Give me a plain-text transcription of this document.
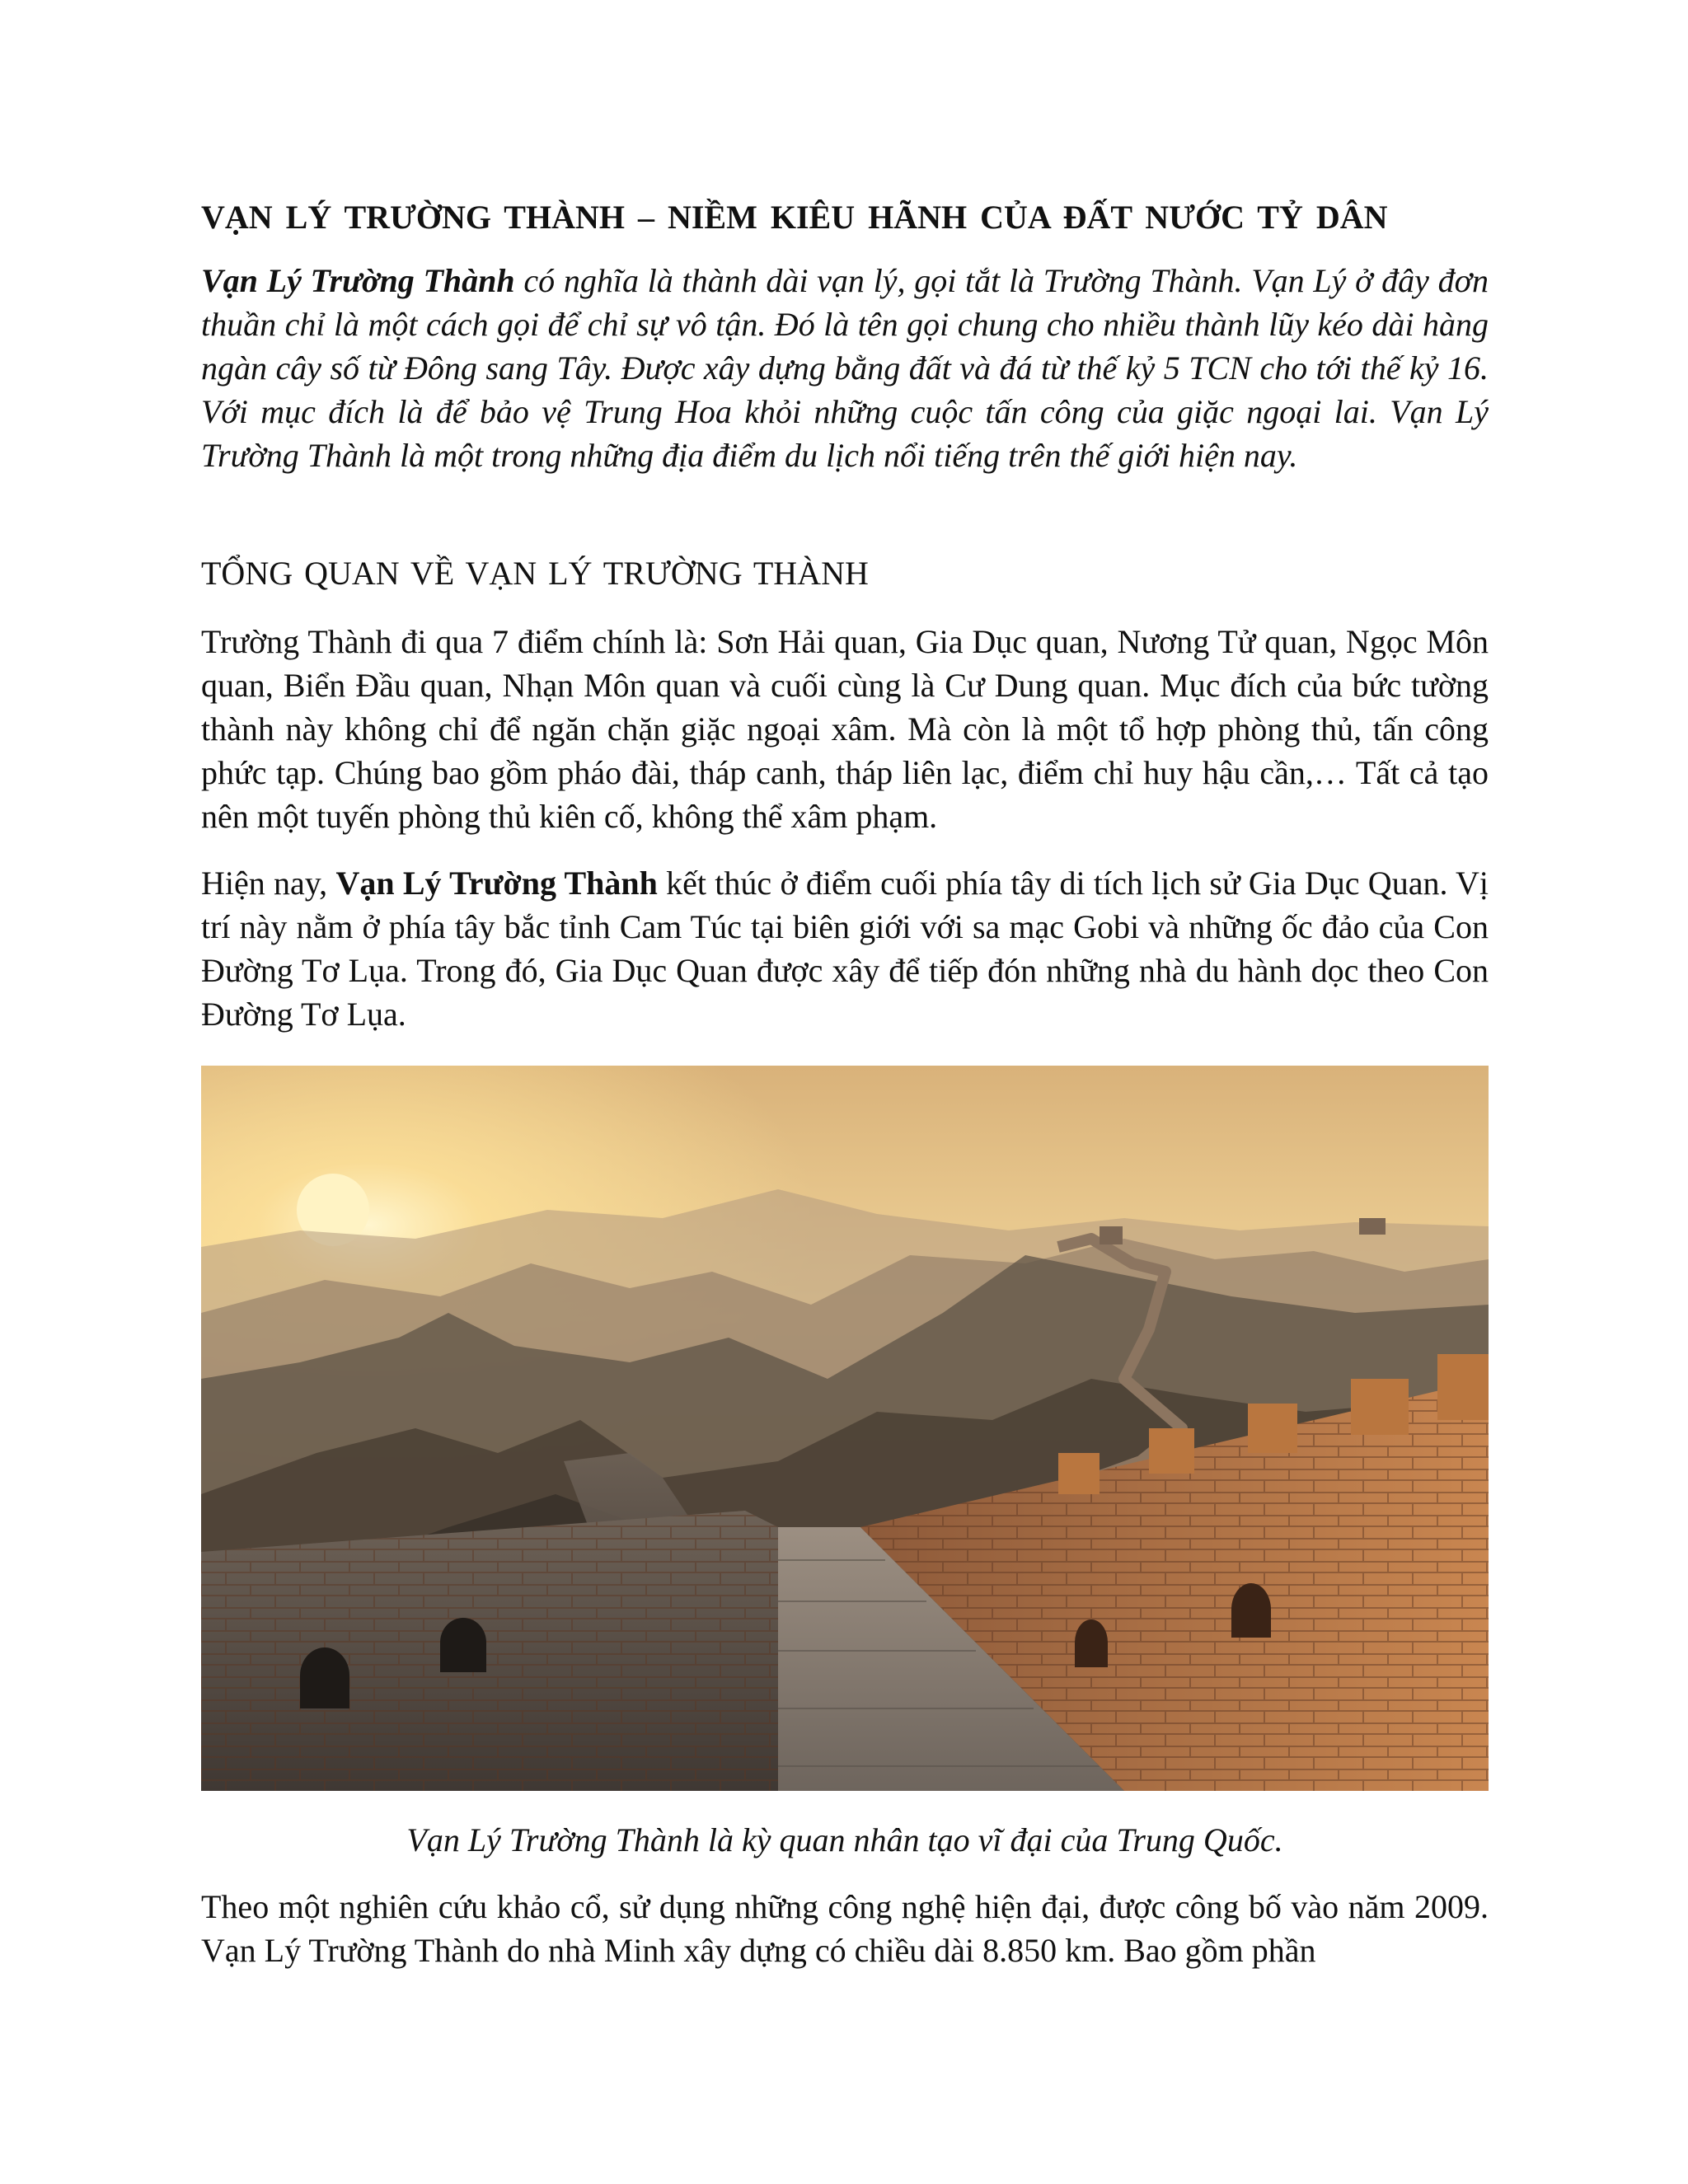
VẠN LÝ TRƯỜNG THÀNH – NIỀM KIÊU HÃNH CỦA ĐẤT NƯỚC TỶ DÂN

Vạn Lý Trường Thành có nghĩa là thành dài vạn lý, gọi tắt là Trường Thành. Vạn Lý ở đây đơn thuần chỉ là một cách gọi để chỉ sự vô tận. Đó là tên gọi chung cho nhiều thành lũy kéo dài hàng ngàn cây số từ Đông sang Tây. Được xây dựng bằng đất và đá từ thế kỷ 5 TCN cho tới thế kỷ 16. Với mục đích là để bảo vệ Trung Hoa khỏi những cuộc tấn công của giặc ngoại lai. Vạn Lý Trường Thành là một trong những địa điểm du lịch nổi tiếng trên thế giới hiện nay.

TỔNG QUAN VỀ VẠN LÝ TRƯỜNG THÀNH

Trường Thành đi qua 7 điểm chính là: Sơn Hải quan, Gia Dục quan, Nương Tử quan, Ngọc Môn quan, Biển Đầu quan, Nhạn Môn quan và cuối cùng là Cư Dung quan. Mục đích của bức tường thành này không chỉ để ngăn chặn giặc ngoại xâm. Mà còn là một tổ hợp phòng thủ, tấn công phức tạp. Chúng bao gồm pháo đài, tháp canh, tháp liên lạc, điểm chỉ huy hậu cần,… Tất cả tạo nên một tuyến phòng thủ kiên cố, không thể xâm phạm.

Hiện nay, Vạn Lý Trường Thành kết thúc ở điểm cuối phía tây di tích lịch sử Gia Dục Quan. Vị trí này nằm ở phía tây bắc tỉnh Cam Túc tại biên giới với sa mạc Gobi và những ốc đảo của Con Đường Tơ Lụa. Trong đó, Gia Dục Quan được xây để tiếp đón những nhà du hành dọc theo Con Đường Tơ Lụa.

Vạn Lý Trường Thành là kỳ quan nhân tạo vĩ đại của Trung Quốc.

Theo một nghiên cứu khảo cổ, sử dụng những công nghệ hiện đại, được công bố vào năm 2009. Vạn Lý Trường Thành do nhà Minh xây dựng có chiều dài 8.850 km. Bao gồm phần
